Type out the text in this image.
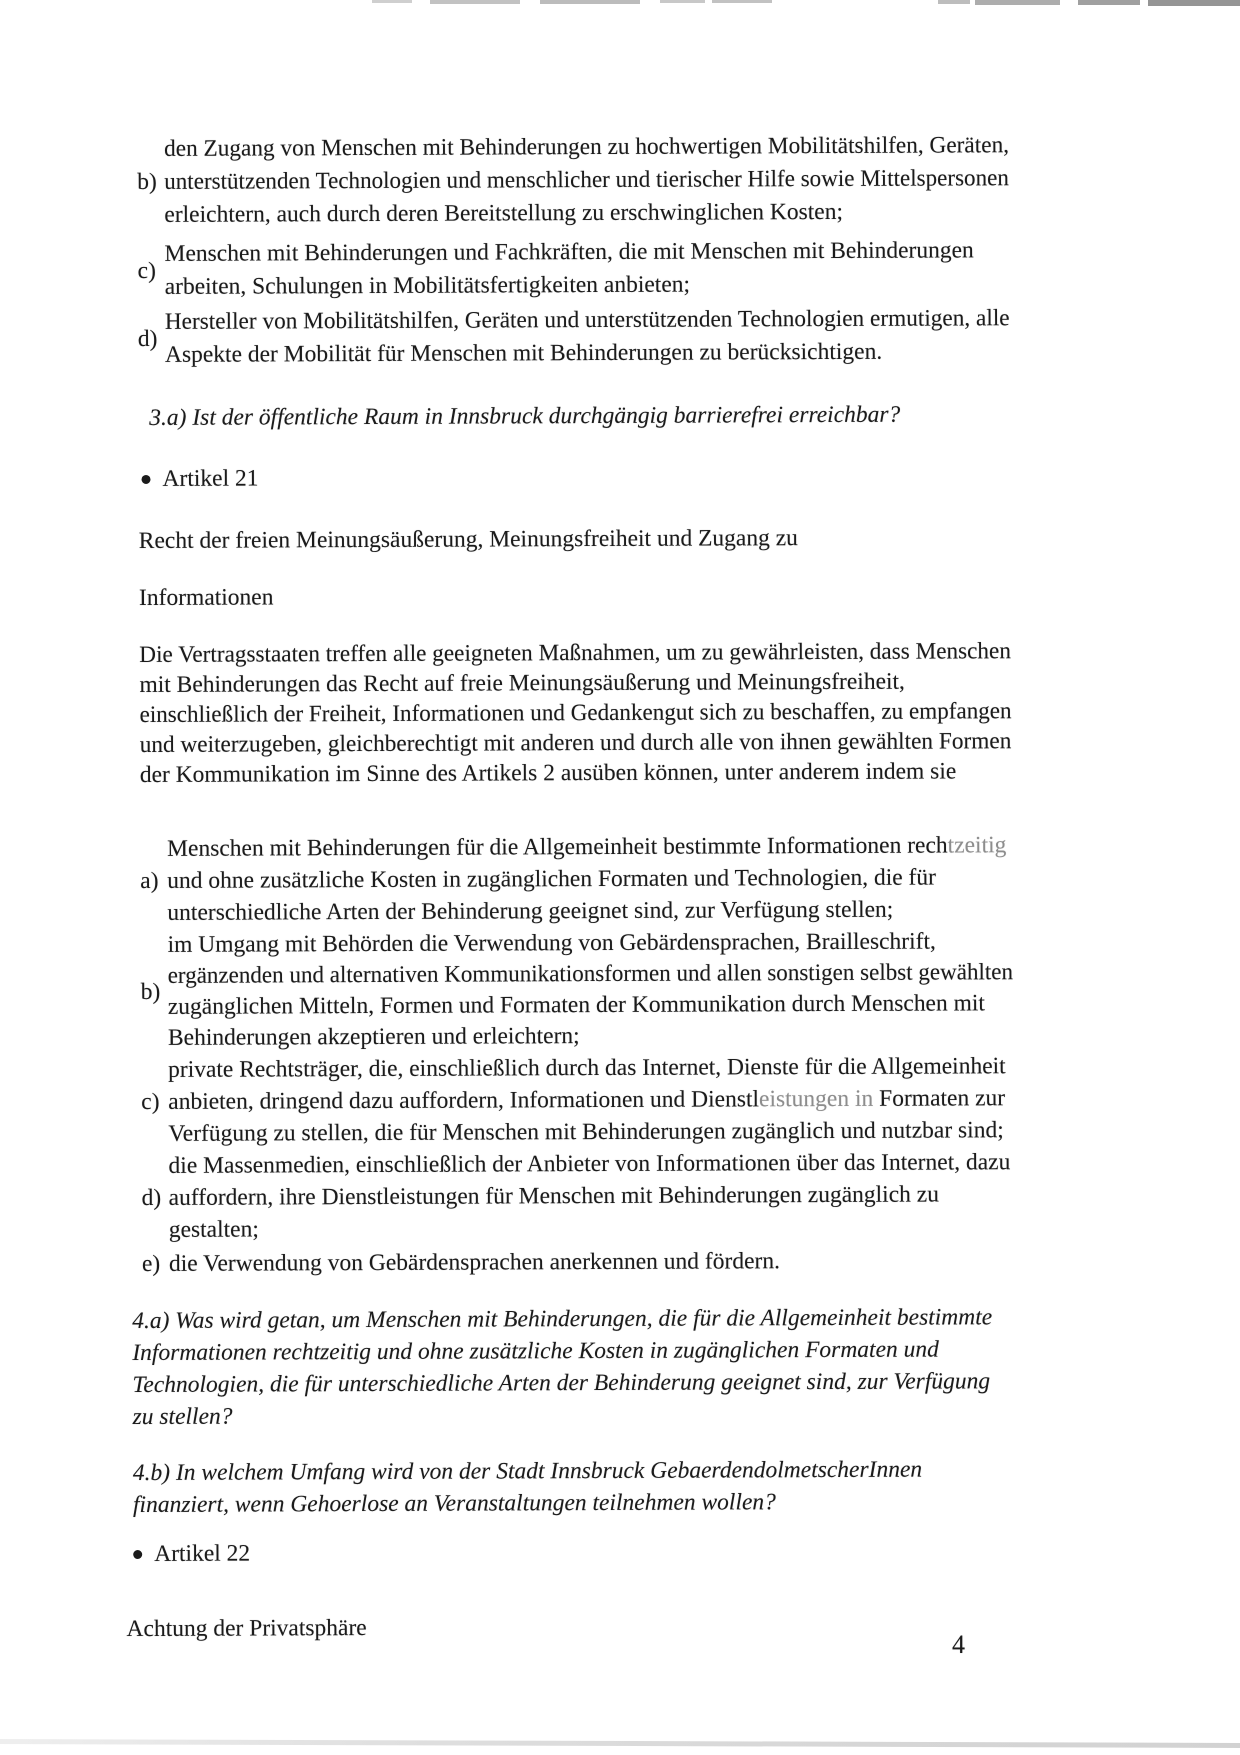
b)
den Zugang von Menschen mit Behinderungen zu hochwertigen Mobilitätshilfen, Geräten,
unterstützenden Technologien und menschlicher und tierischer Hilfe sowie Mittelspersonen
erleichtern, auch durch deren Bereitstellung zu erschwinglichen Kosten;
c)
Menschen mit Behinderungen und Fachkräften, die mit Menschen mit Behinderungen
arbeiten, Schulungen in Mobilitätsfertigkeiten anbieten;
d)
Hersteller von Mobilitätshilfen, Geräten und unterstützenden Technologien ermutigen, alle
Aspekte der Mobilität für Menschen mit Behinderungen zu berücksichtigen.
3.a) Ist der öffentliche Raum in Innsbruck durchgängig barrierefrei erreichbar?
Artikel 21
Recht der freien Meinungsäußerung, Meinungsfreiheit und Zugang zu
Informationen
Die Vertragsstaaten treffen alle geeigneten Maßnahmen, um zu gewährleisten, dass Menschen
mit Behinderungen das Recht auf freie Meinungsäußerung und Meinungsfreiheit,
einschließlich der Freiheit, Informationen und Gedankengut sich zu beschaffen, zu empfangen
und weiterzugeben, gleichberechtigt mit anderen und durch alle von ihnen gewählten Formen
der Kommunikation im Sinne des Artikels 2 ausüben können, unter anderem indem sie
a)
Menschen mit Behinderungen für die Allgemeinheit bestimmte Informationen rechtzeitig
und ohne zusätzliche Kosten in zugänglichen Formaten und Technologien, die für
unterschiedliche Arten der Behinderung geeignet sind, zur Verfügung stellen;
b)
im Umgang mit Behörden die Verwendung von Gebärdensprachen, Brailleschrift,
ergänzenden und alternativen Kommunikationsformen und allen sonstigen selbst gewählten
zugänglichen Mitteln, Formen und Formaten der Kommunikation durch Menschen mit
Behinderungen akzeptieren und erleichtern;
c)
private Rechtsträger, die, einschließlich durch das Internet, Dienste für die Allgemeinheit
anbieten, dringend dazu auffordern, Informationen und Dienstleistungen in Formaten zur
Verfügung zu stellen, die für Menschen mit Behinderungen zugänglich und nutzbar sind;
d)
die Massenmedien, einschließlich der Anbieter von Informationen über das Internet, dazu
auffordern, ihre Dienstleistungen für Menschen mit Behinderungen zugänglich zu
gestalten;
e) die Verwendung von Gebärdensprachen anerkennen und fördern.
4.a) Was wird getan, um Menschen mit Behinderungen, die für die Allgemeinheit bestimmte
Informationen rechtzeitig und ohne zusätzliche Kosten in zugänglichen Formaten und
Technologien, die für unterschiedliche Arten der Behinderung geeignet sind, zur Verfügung
zu stellen?
4.b) In welchem Umfang wird von der Stadt Innsbruck GebaerdendolmetscherInnen
finanziert, wenn Gehoerlose an Veranstaltungen teilnehmen wollen?
Artikel 22
Achtung der Privatsphäre
4
